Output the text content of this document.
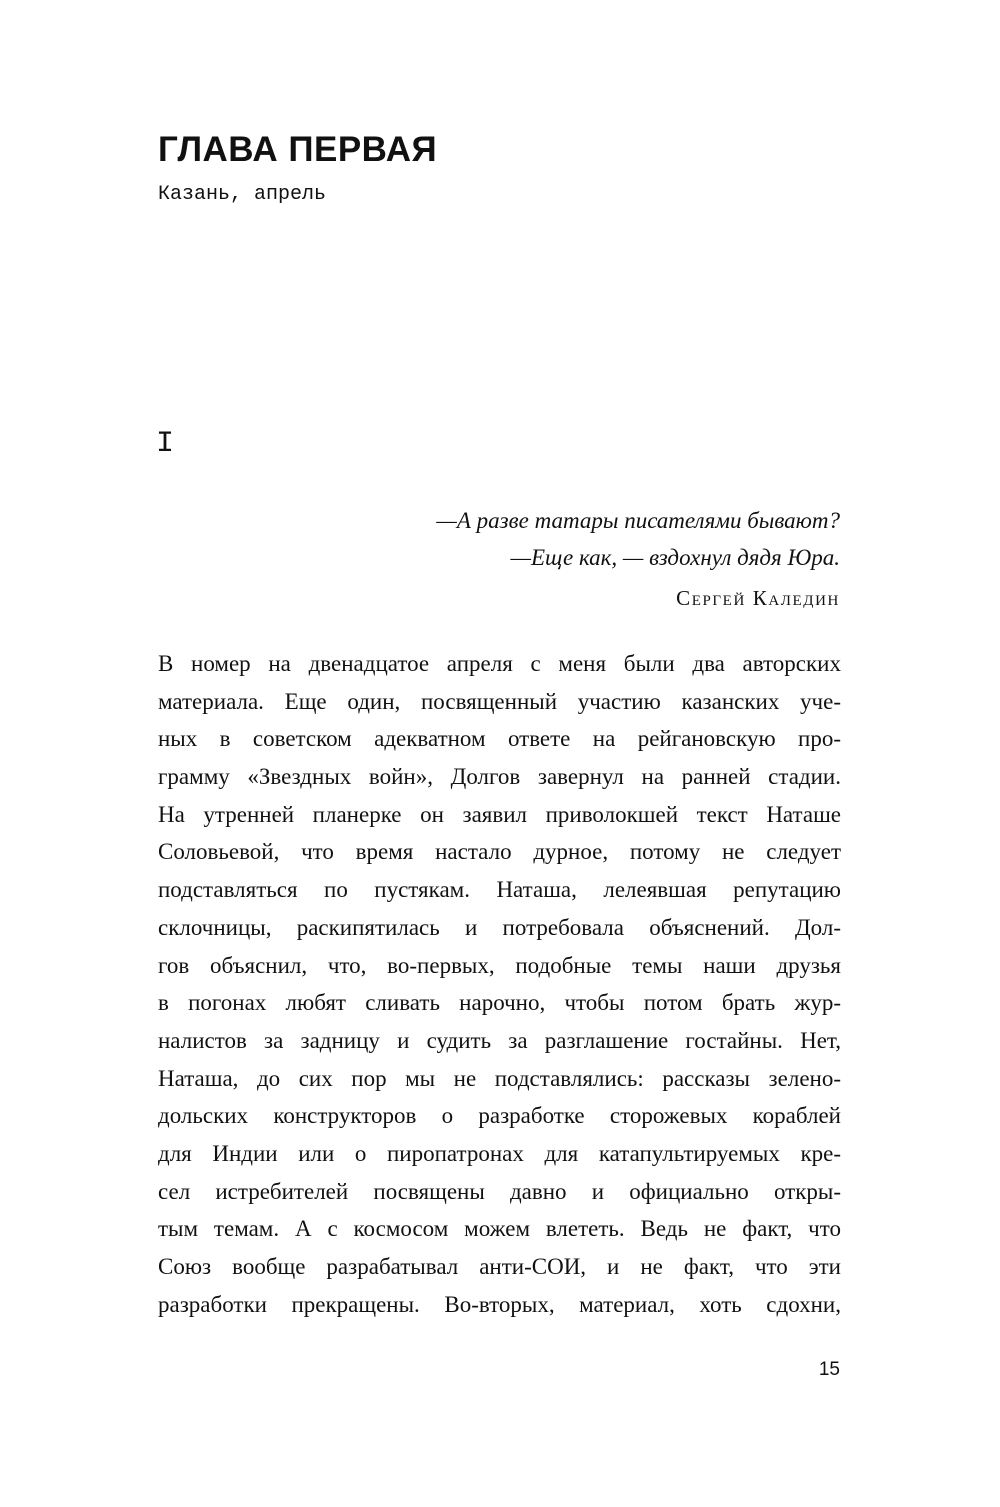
ГЛАВА ПЕРВАЯ
Казань, апрель
I
—А разве татары писателями бывают?
—Еще как, — вздохнул дядя Юра.
Сергей Каледин
В номер на двенадцатое апреля с меня были два авторских
материала. Еще один, посвященный участию казанских уче-
ных в советском адекватном ответе на рейгановскую про-
грамму «Звездных войн», Долгов завернул на ранней стадии.
На утренней планерке он заявил приволокшей текст Наташе
Соловьевой, что время настало дурное, потому не следует
подставляться по пустякам. Наташа, лелеявшая репутацию
склочницы, раскипятилась и потребовала объяснений. Дол-
гов объяснил, что, во-первых, подобные темы наши друзья
в погонах любят сливать нарочно, чтобы потом брать жур-
налистов за задницу и судить за разглашение гостайны. Нет,
Наташа, до сих пор мы не подставлялись: рассказы зелено-
дольских конструкторов о разработке сторожевых кораблей
для Индии или о пиропатронах для катапультируемых кре-
сел истребителей посвящены давно и официально откры-
тым темам. А с космосом можем влететь. Ведь не факт, что
Союз вообще разрабатывал анти-СОИ, и не факт, что эти
разработки прекращены. Во-вторых, материал, хоть сдохни,
15
